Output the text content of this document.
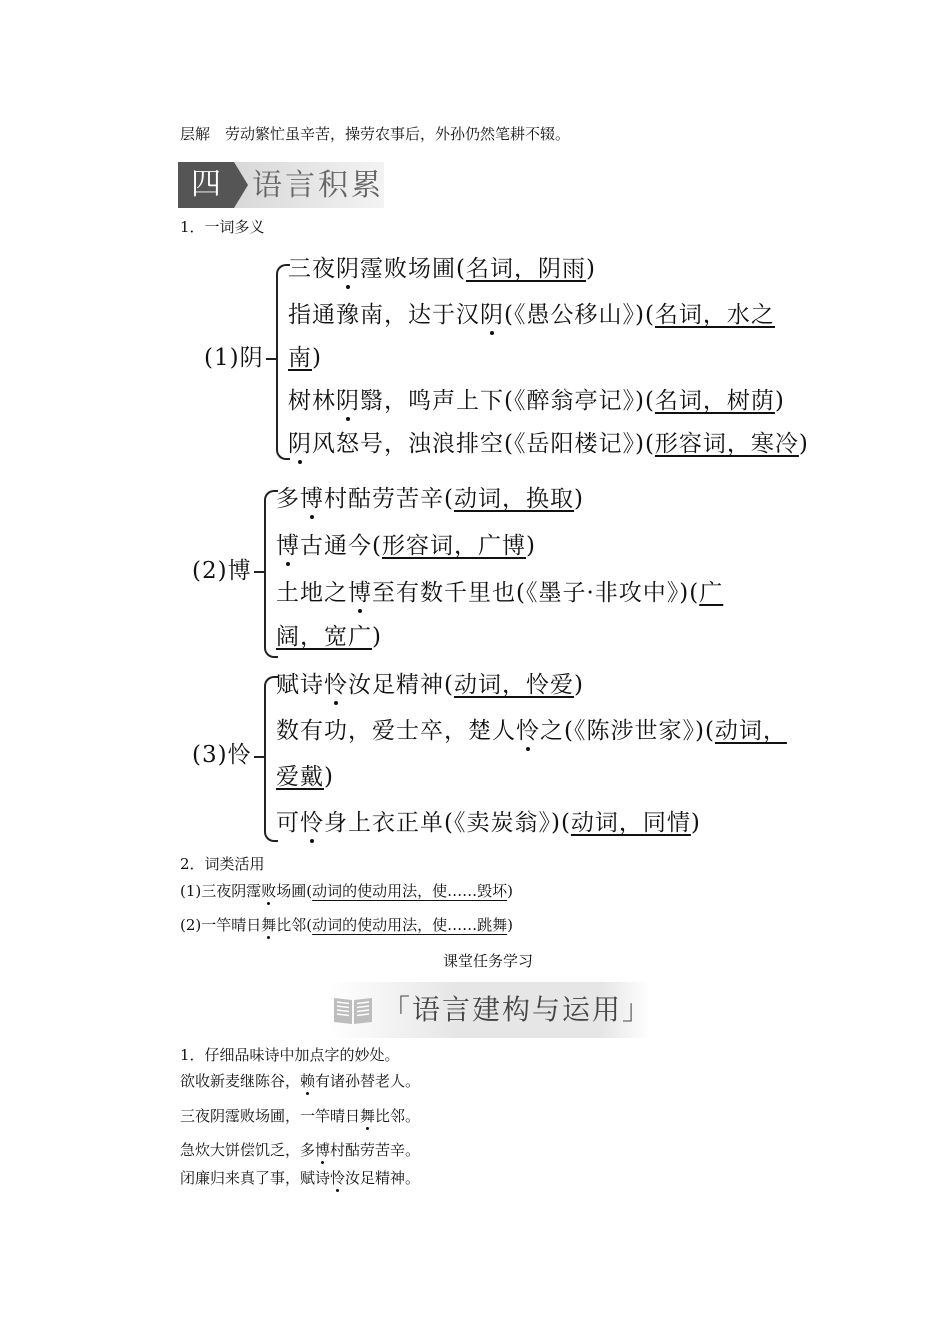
层解　劳动繁忙虽辛苦，操劳农事后，外孙仍然笔耕不辍。
四	语言积累
1．一词多义
(1)阴
(2)博
(3)怜
2．词类活用
(1)三夜阴霪败场圃(动词的使动用法，使……毁坏)
(2)一竿晴日舞比邻(动词的使动用法，使……跳舞)
课堂任务学习
「语言建构与运用」
1．仔细品味诗中加点字的妙处。
欲收新麦继陈谷，赖有诸孙替老人。
三夜阴霪败场圃，一竿晴日舞比邻。
急炊大饼偿饥乏，多博村酤劳苦辛。
闭廉归来真了事，赋诗怜汝足精神。
三夜阴霪败场圃(名词，阴雨)
指通豫南，达于汉阴(《愚公移山》)(名词，水之
南)
树林阴翳，鸣声上下(《醉翁亭记》)(名词，树荫)
阴风怒号，浊浪排空(《岳阳楼记》)(形容词，寒冷)
多博村酤劳苦辛(动词，换取)
博古通今(形容词，广博)
土地之博至有数千里也(《墨子·非攻中》)(广
阔，宽广)
赋诗怜汝足精神(动词，怜爱)
数有功，爱士卒，楚人怜之(《陈涉世家》)(动词，
爱戴)
可怜身上衣正单(《卖炭翁》)(动词，同情)
